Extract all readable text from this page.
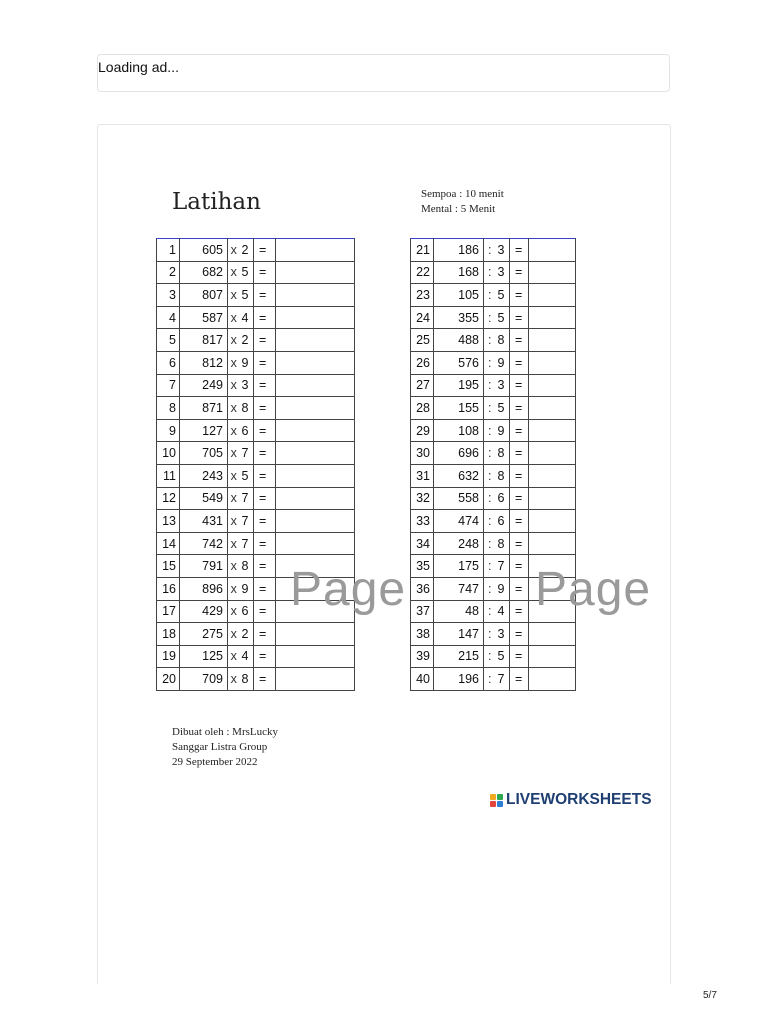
Loading ad...
Latihan	Sempoa : 10 menit
Mental : 5 Menit
1	605	x	2	=	
2	682	x	5	=	
3	807	x	5	=	
4	587	x	4	=	
5	817	x	2	=	
6	812	x	9	=	
7	249	x	3	=	
8	871	x	8	=	
9	127	x	6	=	
10	705	x	7	=	
11	243	x	5	=	
12	549	x	7	=	
13	431	x	7	=	
14	742	x	7	=	
15	791	x	8	=	
16	896	x	9	=	
17	429	x	6	=	
18	275	x	2	=	
19	125	x	4	=	
20	709	x	8	=	
21	186	:	3	=	
22	168	:	3	=	
23	105	:	5	=	
24	355	:	5	=	
25	488	:	8	=	
26	576	:	9	=	
27	195	:	3	=	
28	155	:	5	=	
29	108	:	9	=	
30	696	:	8	=	
31	632	:	8	=	
32	558	:	6	=	
33	474	:	6	=	
34	248	:	8	=	
35	175	:	7	=	
36	747	:	9	=	
37	48	:	4	=	
38	147	:	3	=	
39	215	:	5	=	
40	196	:	7	=	
Page	Page
Dibuat oleh : MrsLucky
Sanggar Listra Group
29 September 2022
LIVEWORKSHEETS
5/7
